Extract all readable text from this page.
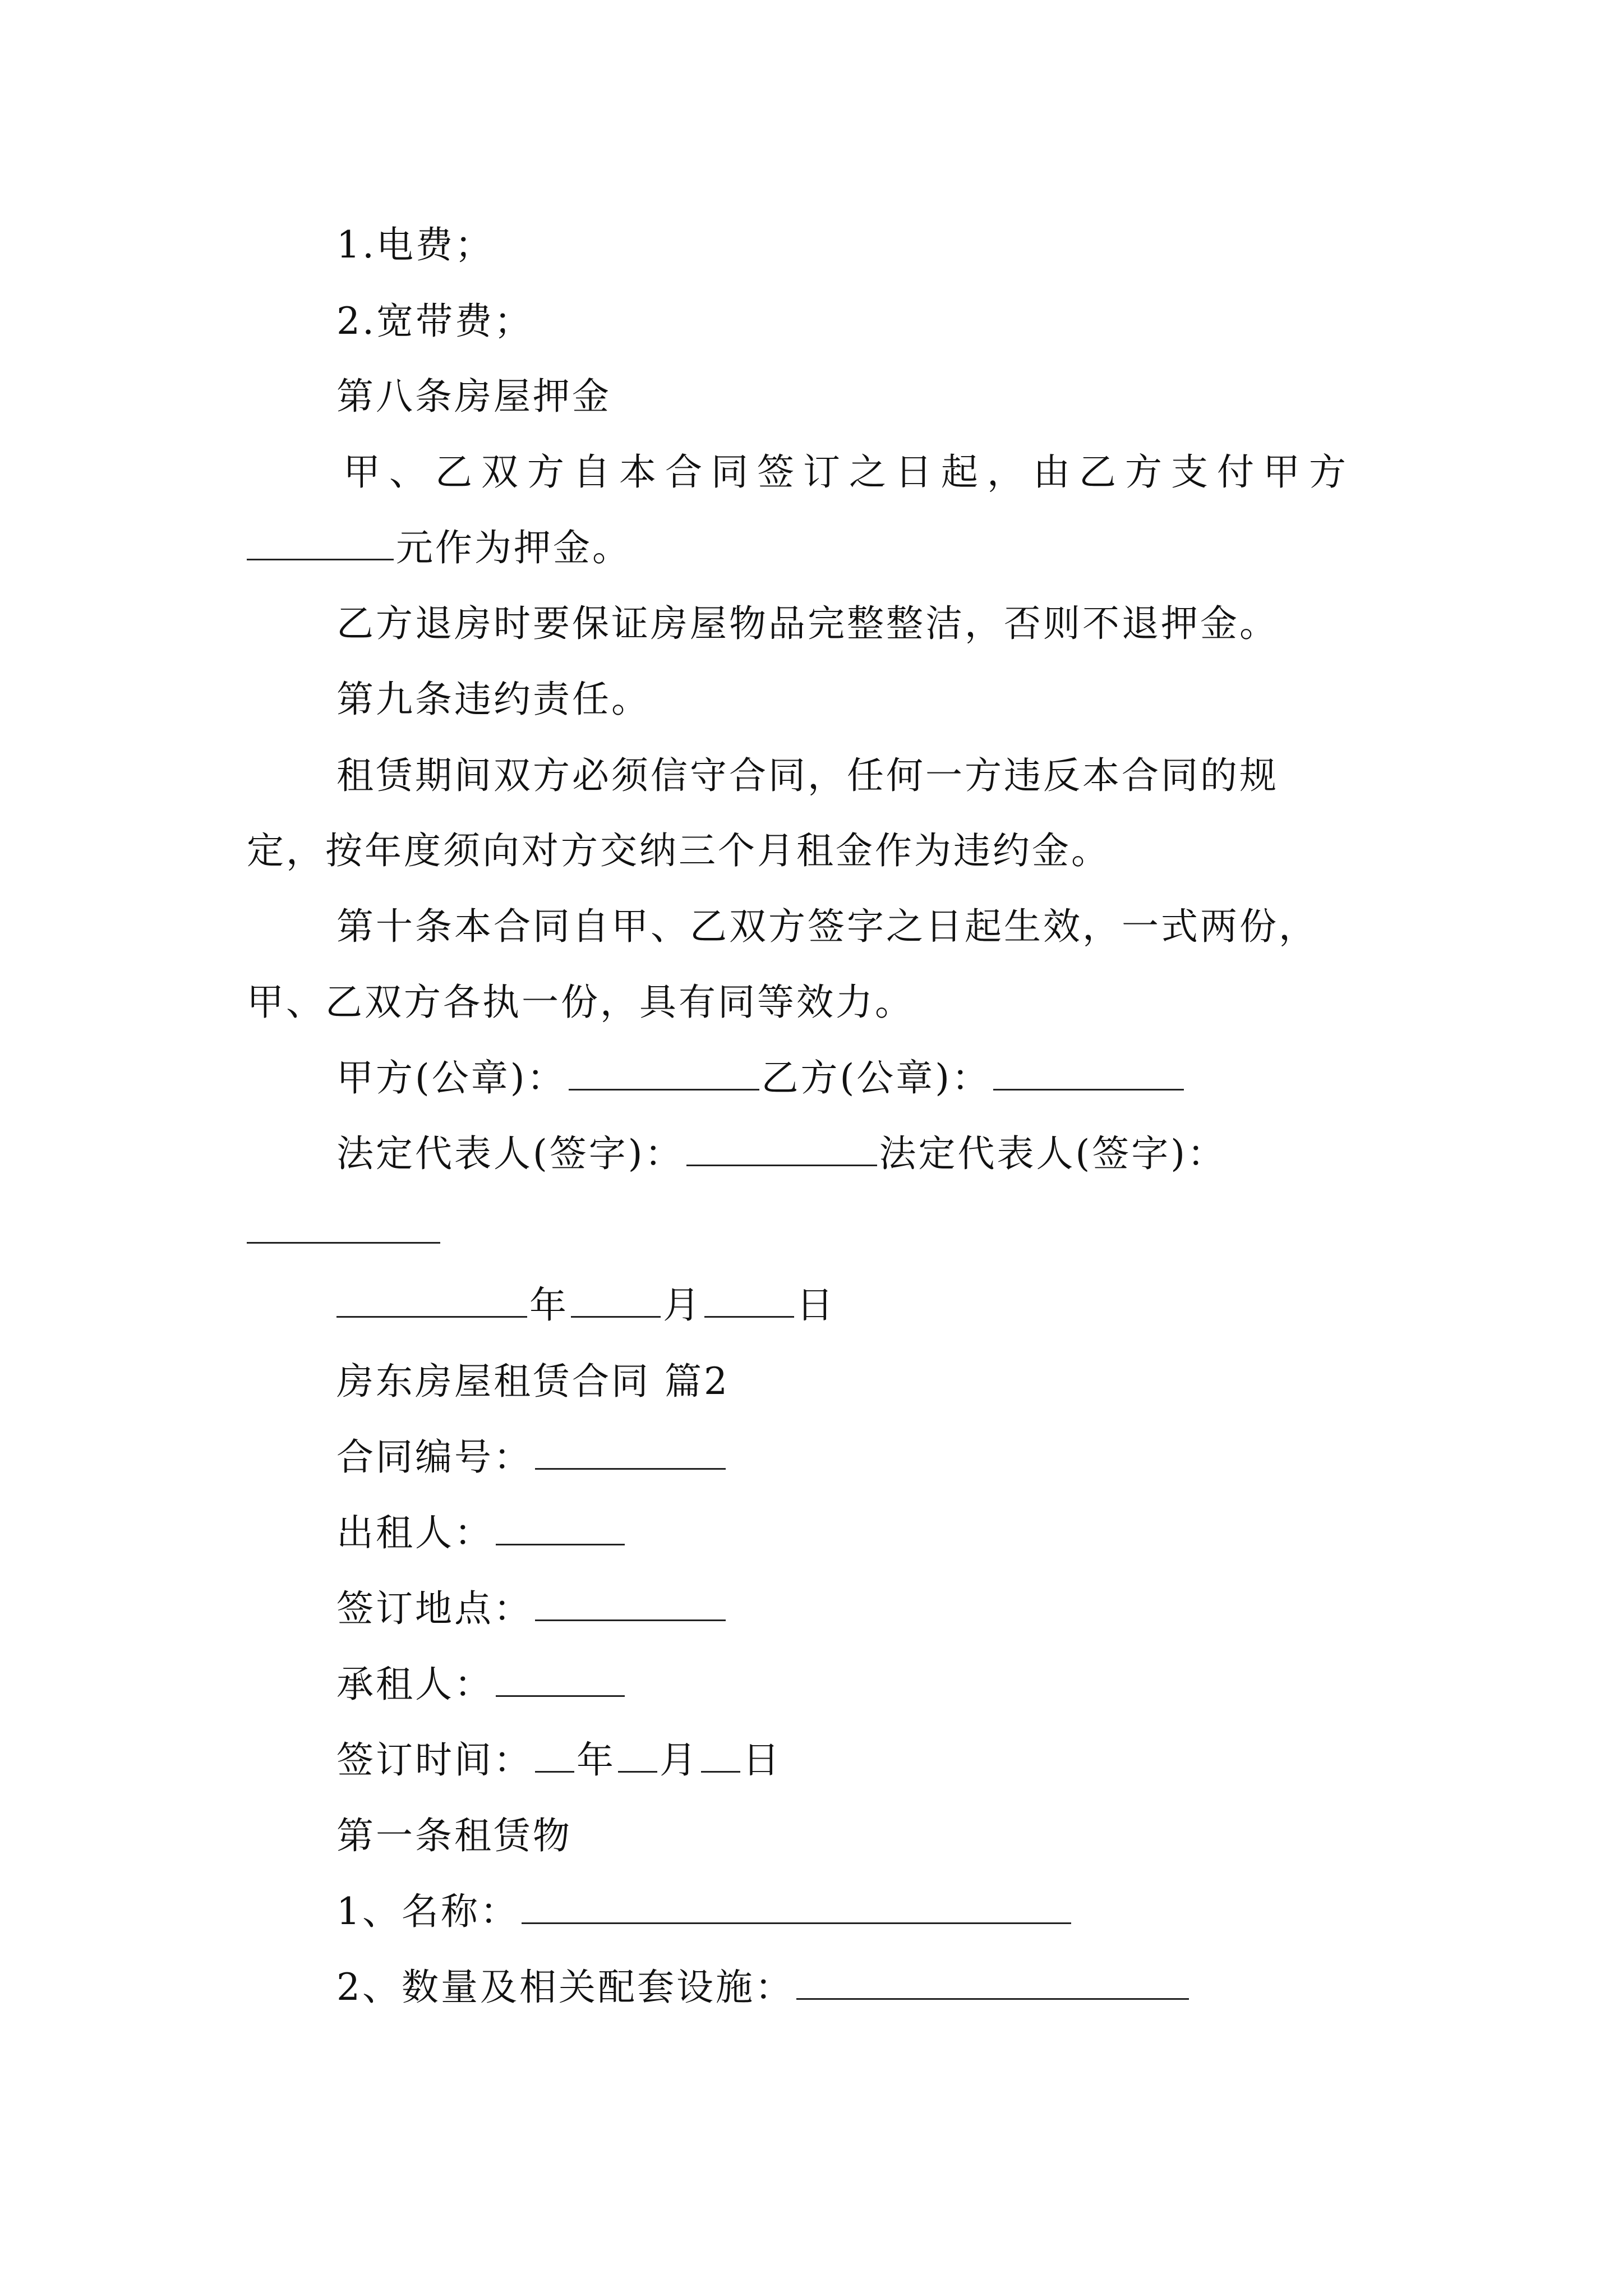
1.电费；
2.宽带费；
第八条房屋押金
甲、乙双方自本合同签订之日起，由乙方支付甲方
元作为押金。
乙方退房时要保证房屋物品完整整洁，否则不退押金。
第九条违约责任。
租赁期间双方必须信守合同，任何一方违反本合同的规
定，按年度须向对方交纳三个月租金作为违约金。
第十条本合同自甲、乙双方签字之日起生效，一式两份，
甲、乙双方各执一份，具有同等效力。
甲方(公章)：	乙方(公章)：
法定代表人(签字)：	法定代表人(签字)：
年	月	日
房东房屋租赁合同 篇2
合同编号：
出租人：
签订地点：
承租人：
签订时间： 年 月 日
第一条租赁物
1、名称：
2、数量及相关配套设施：
